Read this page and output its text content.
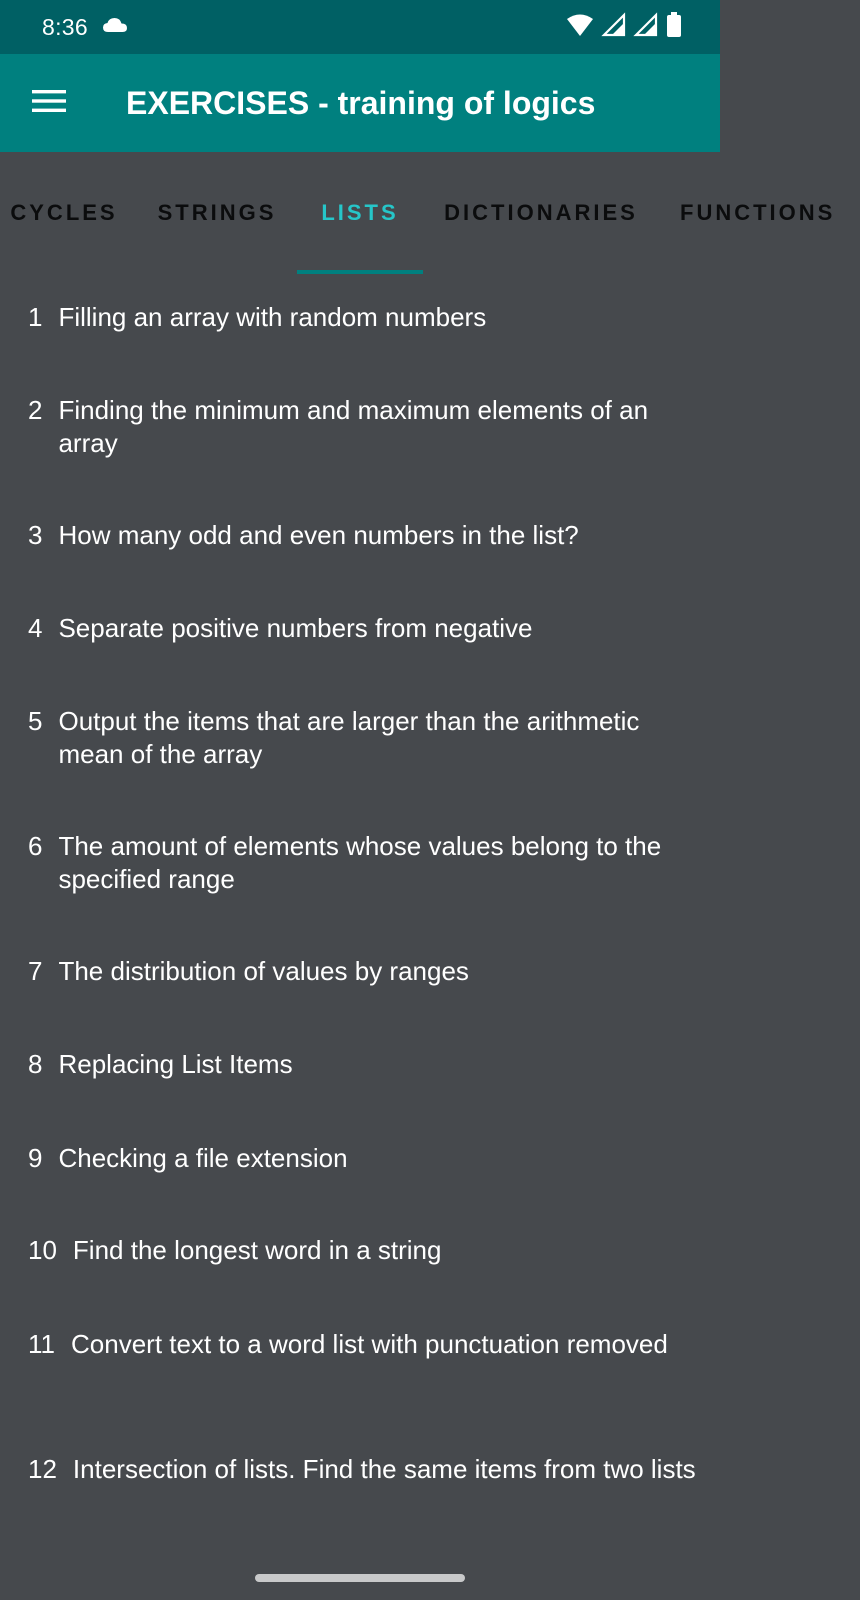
8:36
EXERCISES - training of logics
CYCLES STRINGS	LISTS	DICTIONARIES FUNCTIONS
1 Filling an array with random numbers
2 Finding the minimum and maximum elements of an array
3 How many odd and even numbers in the list?
4 Separate positive numbers from negative
5 Output the items that are larger than the arithmetic mean of the array
6 The amount of elements whose values belong to the specified range
7 The distribution of values by ranges
8 Replacing List Items
9 Checking a file extension
10 Find the longest word in a string
11 Convert text to a word list with punctuation removed
12 Intersection of lists. Find the same items from two lists
